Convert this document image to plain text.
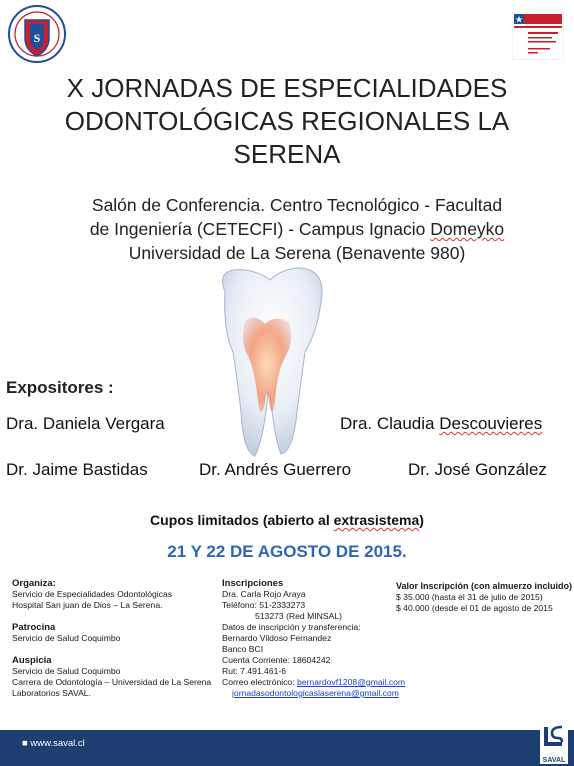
S
X JORNADAS DE ESPECIALIDADES
ODONTOLÓGICAS REGIONALES LA
SERENA
Salón de Conferencia. Centro Tecnológico - Facultad
de Ingeniería (CETECFI) - Campus Ignacio Domeyko
Universidad de La Serena (Benavente 980)
Expositores :
Dra. Daniela Vergara	Dra. Claudia Descouvieres
Dr. Jaime Bastidas	Dr. Andrés Guerrero	Dr. José González
Cupos limitados (abierto al extrasistema)
21 Y 22 DE AGOSTO DE 2015.
Organiza:
Servicio de Especialidades Odontológicas
Hospital San juan de Dios – La Serena.
Patrocina
Servicio de Salud Coquimbo
Auspicia
Servicio de Salud Coquimbo
Carrera de Odontología – Universidad de La Serena
Laboratorios SAVAL.
Inscripciones
Dra. Carla Rojo Araya
Teléfono: 51-2333273
513273 (Red MINSAL)
Datos de inscripción y transferencia:
Bernardo Vildoso Fernandez
Banco BCI
Cuenta Corriente: 18604242
Rut: 7.491.461-6
Correo electrónico: bernardovf1208@gmail.com
jornadasodontologicaslaserena@gmail.com
Valor Inscripción (con almuerzo incluido)
$ 35.000 (hasta el 31 de julio de 2015)
$ 40.000 (desde el 01 de agosto de 2015
■ www.saval.cl
SAVAL
